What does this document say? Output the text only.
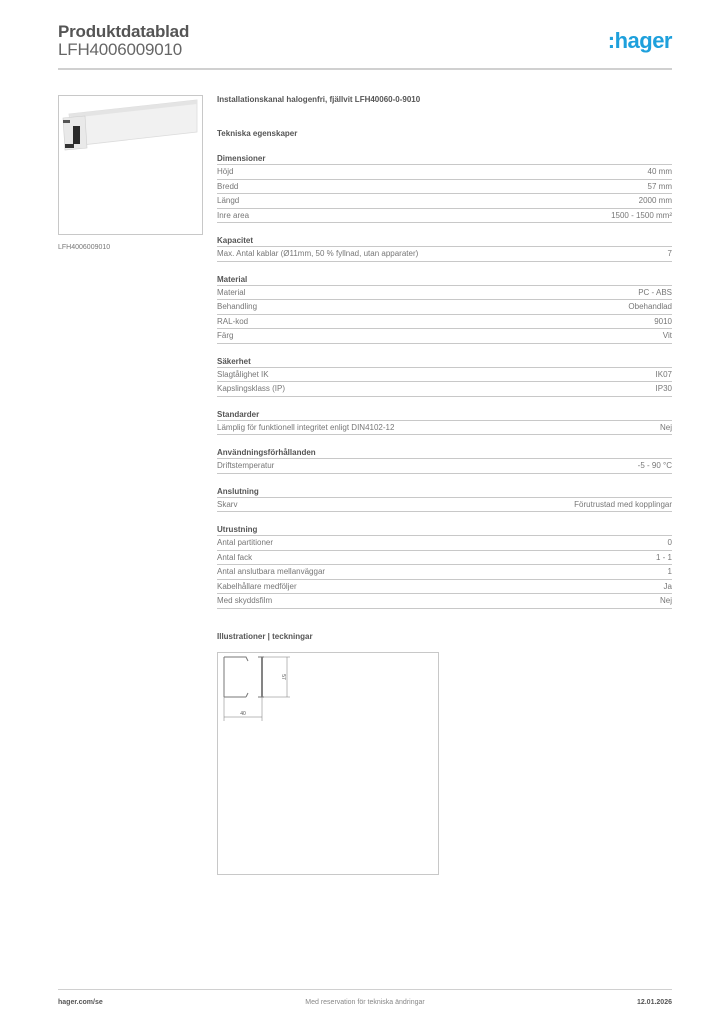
Produktdatablad
LFH4006009010	:hager
LFH4006009010
Installationskanal halogenfri, fjällvit LFH40060-0-9010
Tekniska egenskaper
Dimensioner
Höjd	40 mm
Bredd	57 mm
Längd	2000 mm
Inre area	1500 - 1500 mm²
Kapacitet
Max. Antal kablar (Ø11mm, 50 % fyllnad, utan apparater)	7
Material
Material	PC - ABS
Behandling	Obehandlad
RAL-kod	9010
Färg	Vit
Säkerhet
Slagtålighet IK	IK07
Kapslingsklass (IP)	IP30
Standarder
Lämplig för funktionell integritet enligt DIN4102-12	Nej
Användningsförhållanden
Driftstemperatur	-5 - 90 °C
Anslutning
Skarv	Förutrustad med kopplingar
Utrustning
Antal partitioner	0
Antal fack	1 - 1
Antal anslutbara mellanväggar	1
Kabelhållare medföljer	Ja
Med skyddsfilm	Nej
Illustrationer | teckningar
40
57
hager.com/se	Med reservation för tekniska ändringar	12.01.2026
